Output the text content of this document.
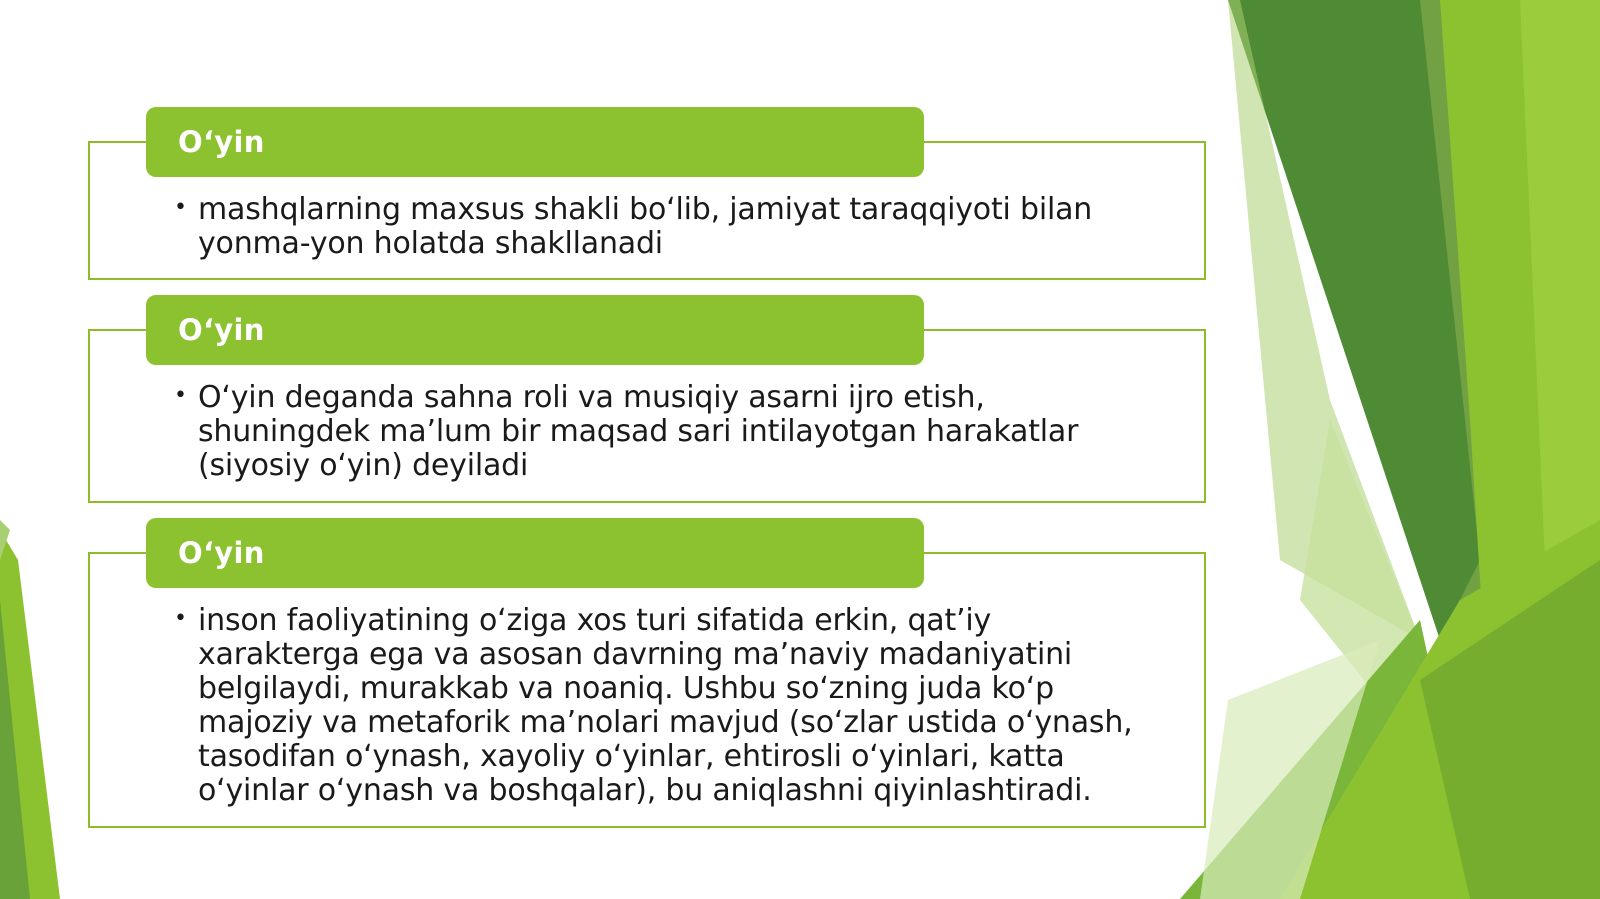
O‘yin
• mashqlarning maxsus shakli bo‘lib, jamiyat taraqqiyoti bilan yonma-yon holatda shakllanadi
O‘yin
• O‘yin deganda sahna roli va musiqiy asarni ijro etish, shuningdek ma’lum bir maqsad sari intilayotgan harakatlar (siyosiy o‘yin) deyiladi
O‘yin
• inson faoliyatining o‘ziga xos turi sifatida erkin, qat’iy xarakterga ega va asosan davrning ma’naviy madaniyatini belgilaydi, murakkab va noaniq. Ushbu so‘zning juda ko‘p majoziy va metaforik ma’nolari mavjud (so‘zlar ustida o‘ynash, tasodifan o‘ynash, xayoliy o‘yinlar, ehtirosli o‘yinlari, katta o‘yinlar o‘ynash va boshqalar), bu aniqlashni qiyinlashtiradi.
